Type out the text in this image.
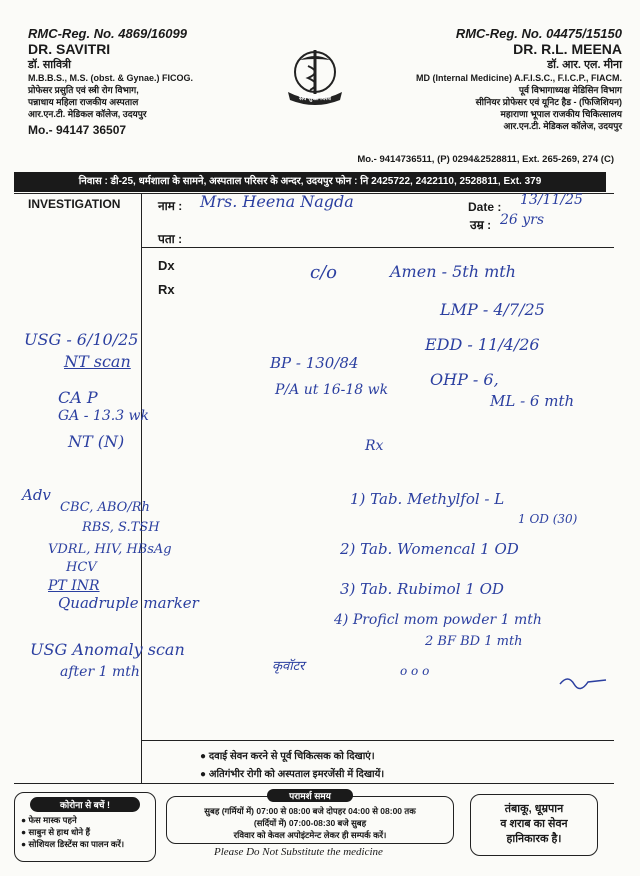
RMC-Reg. No. 4869/16099
DR. SAVITRI
डॉ. सावित्री
M.B.B.S., M.S. (obst. & Gynae.) FICOG.
प्रोफेसर प्रसुति एवं स्त्री रोग विभाग,
पन्नाधाय महिला राजकीय अस्पताल
आर.एन.टी. मेडिकल कॉलेज, उदयपुर
Mo.- 94147 36507
सर्व सुखी विश्व
RMC-Reg. No. 04475/15150
DR. R.L. MEENA
डॉ. आर. एल. मीना
MD (Internal Medicine) A.F.I.S.C., F.I.C.P., FIACM.
पूर्व विभागाध्यक्ष मेडिसिन विभाग
सीनियर प्रोफेसर एवं यूनिट हैड - (फिजिशियन)
महाराणा भूपाल राजकीय चिकित्सालय
आर.एन.टी. मेडिकल कॉलेज, उदयपुर
Mo.- 9414736511, (P) 0294&2528811, Ext. 265-269, 274 (C)
निवास : डी-25, धर्मशाला के सामने, अस्पताल परिसर के अन्दर, उदयपुर फोन : नि 2425722, 2422110, 2528811, Ext. 379
INVESTIGATION	नाम : Mrs. Heena Nagda	Date : 13/11/25
उम्र : 26 yrs
पता :
Dx
Rx
c/o	Amen - 5th mth
LMP - 4/7/25
EDD - 11/4/26
USG - 6/10/25
NT scan	BP - 130/84
P/A ut 16-18 wk
OHP - 6,
ML - 6 mth
CA P
GA - 13.3 wk
NT (N)	Rx
Adv
CBC, ABO/Rh
RBS, S.TSH
VDRL, HIV, HBsAg
HCV
PT INR
Quadruple marker
1) Tab. Methylfol - L
1 OD (30)
2) Tab. Womencal 1 OD
3) Tab. Rubimol 1 OD
4) Proficl mom powder 1 mth
2 BF BD 1 mth
USG Anomaly scan
after 1 mth	कृवॉटर	o o o
● दवाई सेवन करने से पूर्व चिकित्सक को दिखाएं।
● अतिगंभीर रोगी को अस्पताल इमरजेंसी में दिखायें।
कोरोना से बचें !
● फेस मास्क पहने
● साबुन से हाथ धोने हैं
● सोशियल डिस्टेंस का पालन करें।
परामर्श समय
सुबह (गर्मियों में) 07:00 से 08:00 बजे दोपहर 04:00 से 08:00 तक
(सर्दियों में) 07:00-08:30 बजे सुबह
रविवार को केवल अपोइंटमेन्ट लेकर ही सम्पर्क करें।
तंबाकू, धूम्रपान
व शराब का सेवन
हानिकारक है।
Please Do Not Substitute the medicine
